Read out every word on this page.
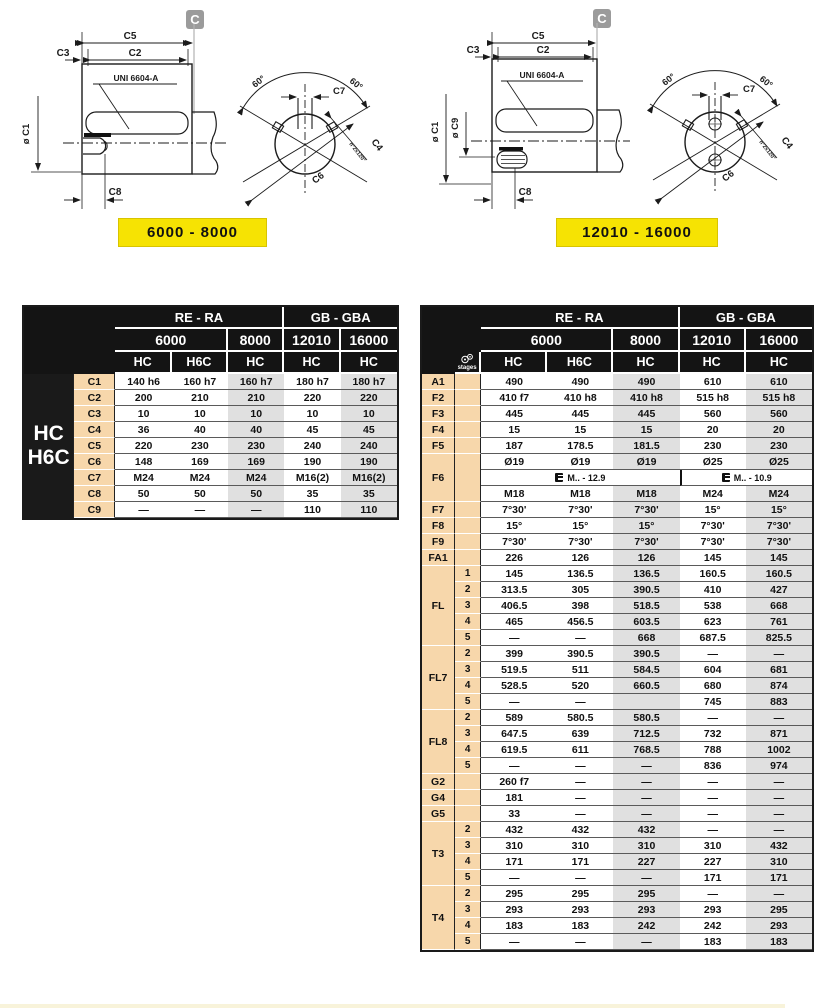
C
C5
C2
C3
UNI 6604-A
ø C1
C8
60°	60°
C7
C4
n°2x120°
C6
6000 - 8000
C
C5
C2
C3
UNI 6604-A
ø C1 ø C9
C8
60°	60°
C7
C4
n°2x120°
C6
12010 - 16000
		RE - RA			GB - GBA	
		6000		8000	12010	16000
		HC	H6C	HC	HC	HC

HC
H6C	C1	140 h6	160 h7	160 h7	180 h7	180 h7
	C2	200	210	210	220	220
	C3	10	10	10	10	10
	C4	36	40	40	45	45
	C5	220	230	230	240	240
	C6	148	169	169	190	190
	C7	M24	M24	M24	M16(2)	M16(2)
	C8	50	50	50	35	35
	C9	—	—	—	110	110
		RE - RA			GB - GBA	
		6000		8000	12010	16000

	stages	HC	H6C	HC	HC	HC
A1		490	490	490	610	610
F2		410 f7	410 h8	410 h8	515 h8	515 h8
F3		445	445	445	560	560
F4		15	15	15	20	20
F5		187	178.5	181.5	230	230
F6		Ø19	Ø19	Ø19	Ø25	Ø25
		M.. - 12.9			M.. - 10.9	
		M18	M18	M18	M24	M24
F7		7°30'	7°30'	7°30'	15°	15°
F8		15°	15°	15°	7°30'	7°30'
F9		7°30'	7°30'	7°30'	7°30'	7°30'
FA1		226	126	126	145	145
FL	1	145	136.5	136.5	160.5	160.5
	2	313.5	305	390.5	410	427
	3	406.5	398	518.5	538	668
	4	465	456.5	603.5	623	761
	5	—	—	668	687.5	825.5
FL7	2	399	390.5	390.5	—	—
	3	519.5	511	584.5	604	681
	4	528.5	520	660.5	680	874
	5	—	—		745	883
FL8	2	589	580.5	580.5	—	—
	3	647.5	639	712.5	732	871
	4	619.5	611	768.5	788	1002
	5	—	—	—	836	974
G2		260 f7	—	—	—	—
G4		181	—	—	—	—
G5		33	—	—	—	—
T3	2	432	432	432	—	—
	3	310	310	310	310	432
	4	171	171	227	227	310
	5	—	—	—	171	171
T4	2	295	295	295	—	—
	3	293	293	293	293	295
	4	183	183	242	242	293
	5	—	—	—	183	183
